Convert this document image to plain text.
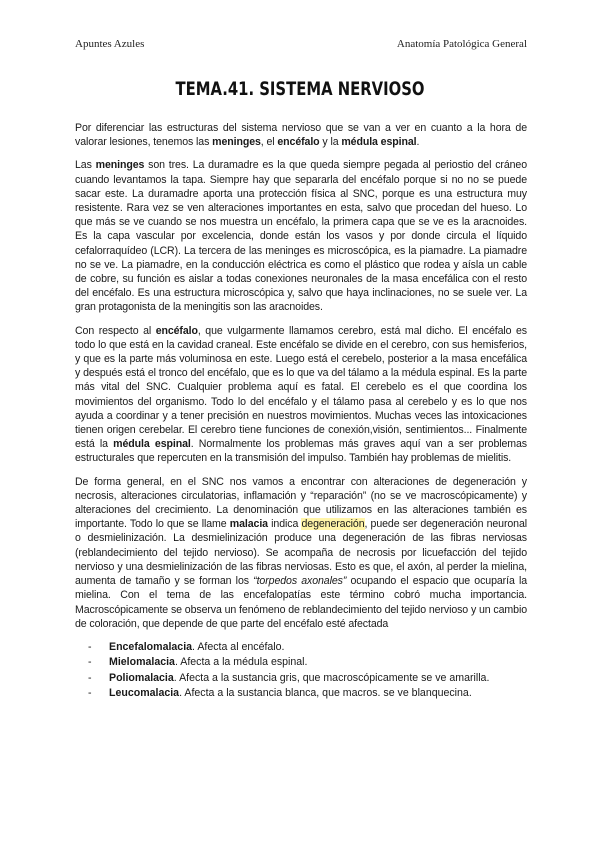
Apuntes Azules	Anatomía Patológica General
TEMA.41. SISTEMA NERVIOSO

Por diferenciar las estructuras del sistema nervioso que se van a ver en cuanto a la hora de valorar lesiones, tenemos las meninges, el encéfalo y la médula espinal.

Las meninges son tres. La duramadre es la que queda siempre pegada al periostio del cráneo cuando levantamos la tapa. Siempre hay que separarla del encéfalo porque si no no se puede sacar este. La duramadre aporta una protección física al SNC, porque es una estructura muy resistente. Rara vez se ven alteraciones importantes en esta, salvo que procedan del hueso. Lo que más se ve cuando se nos muestra un encéfalo, la primera capa que se ve es la aracnoides. Es la capa vascular por excelencia, donde están los vasos y por donde circula el líquido cefalorraquídeo (LCR). La tercera de las meninges es microscópica, es la piamadre. La piamadre no se ve. La piamadre, en la conducción eléctrica es como el plástico que rodea y aísla un cable de cobre, su función es aislar a todas conexiones neuronales de la masa encefálica con el resto del encéfalo. Es una estructura microscópica y, salvo que haya inclinaciones, no se suele ver. La gran protagonista de la meningitis son las aracnoides.

Con respecto al encéfalo, que vulgarmente llamamos cerebro, está mal dicho. El encéfalo es todo lo que está en la cavidad craneal. Este encéfalo se divide en el cerebro, con sus hemisferios, y que es la parte más voluminosa en este. Luego está el cerebelo, posterior a la masa encefálica y después está el tronco del encéfalo, que es lo que va del tálamo a la médula espinal. Es la parte más vital del SNC. Cualquier problema aquí es fatal. El cerebelo es el que coordina los movimientos del organismo. Todo lo del encéfalo y el tálamo pasa al cerebelo y es lo que nos ayuda a coordinar y a tener precisión en nuestros movimientos. Muchas veces las intoxicaciones tienen origen cerebelar. El cerebro tiene funciones de conexión,visión, sentimientos... Finalmente está la médula espinal. Normalmente los problemas más graves aquí van a ser problemas estructurales que repercuten en la transmisión del impulso. También hay problemas de mielitis.

De forma general, en el SNC nos vamos a encontrar con alteraciones de degeneración y necrosis, alteraciones circulatorias, inflamación y “reparación” (no se ve macroscópicamente) y alteraciones del crecimiento. La denominación que utilizamos en las alteraciones también es importante. Todo lo que se llame malacia indica degeneración, puede ser degeneración neuronal o desmielinización. La desmielinización produce una degeneración de las fibras nerviosas (reblandecimiento del tejido nervioso). Se acompaña de necrosis por licuefacción del tejido nervioso y una desmielinización de las fibras nerviosas. Esto es que, el axón, al perder la mielina, aumenta de tamaño y se forman los “torpedos axonales” ocupando el espacio que ocuparía la mielina. Con el tema de las encefalopatías este término cobró mucha importancia. Macroscópicamente se observa un fenómeno de reblandecimiento del tejido nervioso y un cambio de coloración, que depende de que parte del encéfalo esté afectada

- Encefalomalacia. Afecta al encéfalo.
- Mielomalacia. Afecta a la médula espinal.
- Poliomalacia. Afecta a la sustancia gris, que macroscópicamente se ve amarilla.
- Leucomalacia. Afecta a la sustancia blanca, que macros. se ve blanquecina.
